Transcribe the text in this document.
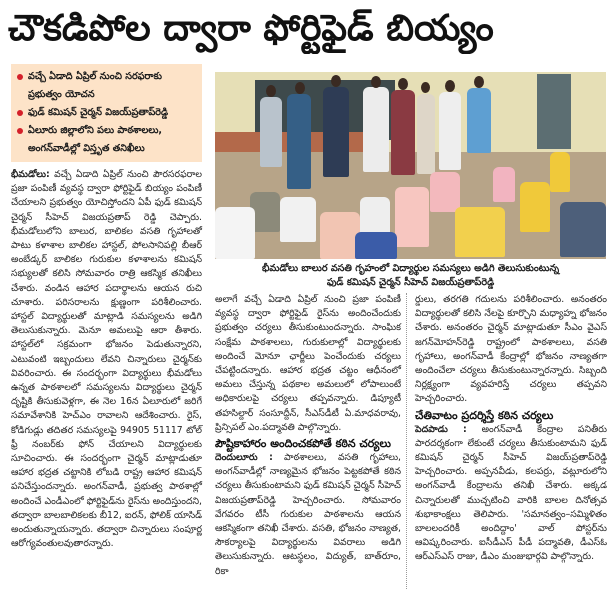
చౌకడిపోల ద్వారా ఫోర్టిఫైడ్ బియ్యం
వచ్చే ఏడాది ఏప్రిల్ నుంచి సరఫరాకు ప్రభుత్వం యోచన
ఫుడ్ కమిషన్ చైర్మన్ విజయ్‌ప్రతాప్‌రెడ్డి
ఏలూరు జిల్లాలోని పలు పాఠశాలలు, అంగన్‌వాడీల్లో విస్తృత తనిఖీలు
భీమడోలు బాలుర వసతి గృహంలో విద్యార్థుల సమస్యలు అడిగి తెలుసుకుంటున్న
ఫుడ్ కమిషన్ చైర్మన్ సీహెచ్ విజయ్‌ప్రతాప్‌రెడ్డి

భీమడోలు: వచ్చే ఏడాది ఏప్రిల్ నుంచి పౌరసరఫరాల ప్రజా పంపిణీ వ్యవస్థ ద్వారా ఫోర్టిఫైడ్ బియ్యం పంపిణీ చేయాలని ప్రభుత్వం యోచిస్తోందని ఏపీ ఫుడ్ కమిషన్ చైర్మన్ సీహెచ్ విజయప్రతాప్ రెడ్డి చెప్పారు. భీమడోలులోని బాలుర, బాలికల వసతి గృహాలతో పాటు కళాశాల బాలికల హాస్టల్, పోలసానిపల్లి బీఆర్ అంబేడ్కర్ బాలికల గురుకుల కళాశాలను కమిషన్ సభ్యులతో కలిసి సోమవారం రాత్రి ఆకస్మిక తనిఖీలు చేశారు. వండిన ఆహార పదార్థాలను ఆయన రుచి చూశారు. పరిసరాలను క్షుణ్ణంగా పరిశీలించారు. హాస్టల్ విద్యార్థులతో మాట్లాడి సమస్యలను అడిగి తెలుసుకున్నారు. మెనూ అమలుపై ఆరా తీశారు. హాస్టల్‌లో సక్రమంగా భోజనం పెడుతున్నారని, ఎటువంటి ఇబ్బందులు లేవని చిన్నారులు చైర్మన్‌కు వివరించారు. ఈ సందర్భంగా విద్యార్థులు భీమడోలు ఉన్నత పాఠశాలలో సమస్యలను విద్యార్థులు చైర్మన్ దృష్టికి తీసుకువెళ్లగా, ఈ నెల 16న ఏలూరులో జరిగే సమావేశానికి హెచ్ఎం రావాలని ఆదేశించారు. రైస్, కోడిగుడ్లు తదితర సమస్యలపై 94905 51117 టోల్ ఫ్రీ నంబర్‌కు ఫోన్ చేయాలని విద్యార్థులకు సూచించారు. ఈ సందర్భంగా చైర్మన్ మాట్లాడుతూ ఆహార భద్రత చట్టానికి లోబడి రాష్ట్ర ఆహార కమిషన్ పనిచేస్తుందన్నారు. అంగన్‌వాడీ, ప్రభుత్వ పాఠశాల్లో అందించే ఎండీఎంలో ఫోర్టిఫైడ్‌ను రైస్‌ను అందిస్తుందని, తద్వారా బాలబాలికలకు బీ12, ఐరన్, ఫోలిక్ యాసిడ్ అందుతున్నాయన్నారు. తద్వారా చిన్నారులు సంపూర్ణ ఆరోగ్యవంతులవుతారన్నారు.

అలాగే వచ్చే ఏడాది ఏప్రిల్ నుంచి ప్రజా పంపిణీ వ్యవస్థ ద్వారా ఫోర్టిఫైడ్ రైస్‌ను అందించేందుకు ప్రభుత్వం చర్యలు తీసుకుంటుందన్నారు. సాంఘిక సంక్షేమ పాఠశాలలు, గురుకులాల్లో విద్యార్థులకు అందించే మోనూ ఛార్జీలు పెంచేందుకు చర్యలు చేపట్టిందన్నారు. ఆహార భద్రత చట్టం ఆధీనంలో అమలు చేస్తున్న పథకాల అమలులో లోపాలుంటే అధికారులపై చర్యలు తప్పవన్నారు. డిప్యూటీ తహసిల్దార్ సంసూద్దీన్, సీఎస్‌డీటీ ఏ.మాధవరావు, ప్రిన్సిపల్ ఎం.పద్మావతి పాల్గొన్నారు.

పౌష్టికాహారం అందించకపోతే కఠిన చర్యలు

దెందులూరు : పాఠశాలలు, వసతి గృహాలు, అంగన్‌వాడీల్లో నాణ్యమైన భోజనం పెట్టకపోతే కఠిన చర్యలు తీసుకుంటామని ఫుడ్ కమిషన్ చైర్మన్ సీహెచ్ విజయప్రతాప్‌రెడ్డి హెచ్చరించారు. సోమవారం వేగవరం టీసీ గురుకుల పాఠశాలను ఆయన ఆకస్మికంగా తనిఖీ చేశారు. వసతి, భోజనం నాణ్యత, సౌకర్యాలపై విద్యార్థులను వివరాలు అడిగి తెలుసుకున్నారు. ఆటస్థలం, విద్యుత్, బాత్‌రూం, రికా

ర్డులు, తరగతి గదులను పరిశీలించారు. అనంతరం విద్యార్థులతో కలిసి నేలపై కూర్చొని మధ్యాహ్న భోజనం చేశారు. అనంతరం చైర్మన్ మాట్లాడుతూ సీఎం వైఎస్ జగన్‌మోహన్‌రెడ్డి రాష్ట్రంలో పాఠశాలలు, వసతి గృహాలు, అంగన్‌వాడీ కేంద్రాల్లో భోజనం నాణ్యతగా అందించేలా చర్యలు తీసుకుంటున్నారన్నారు. సిబ్బంది నిర్లక్ష్యంగా వ్యవహరిస్తే చర్యలు తప్పవని హెచ్చరించారు.

చేతివాటం ప్రదర్శిస్తే కఠిన చర్యలు

పెదపాడు : అంగన్‌వాడీ కేంద్రాల పనితీరు పారదర్శకంగా లేకుంటే చర్యలు తీసుకుంటామని ఫుడ్ కమిషన్ చైర్మన్ సీహెచ్ విజయ్‌ప్రతాప్‌రెడ్డి హెచ్చరించారు. అప్పనవీడు, కలపర్రు, వట్లూరులోని అంగన్‌వాడీ కేంద్రాలను తనిఖీ చేశారు. అక్కడ చిన్నారులతో ముచ్చటించి వారికి బాలల దినోత్సవ శుభాకాంక్షలు తెలిపారు. 'సమానత్వం–సమ్మిళితం బాలలందరికీ అందిద్దాం' వాల్ పోస్టర్‌ను ఆవిష్కరించారు. ఐసీడీఎస్ పీడీ పద్మావతి, డీఎస్ఓ ఆర్ఎస్ఎస్ రాజు, డీఎం మంజుభార్గవి పాల్గొన్నారు.
